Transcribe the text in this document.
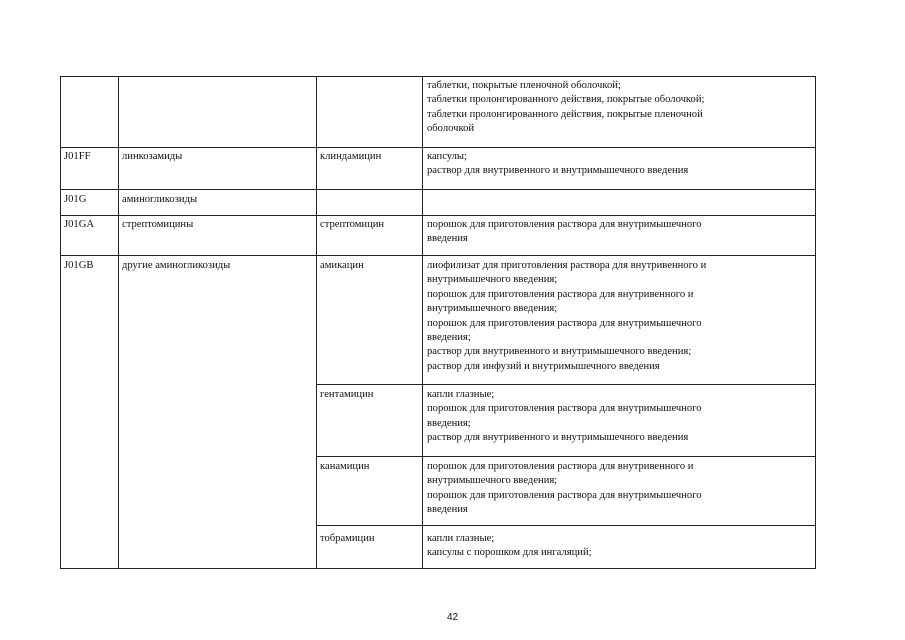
таблетки, покрытые пленочной оболочкой;
таблетки пролонгированного действия, покрытые оболочкой;
таблетки пролонгированного действия, покрытые пленочной
оболочкой
J01FF	линкозамиды	клиндамицин	капсулы;
раствор для внутривенного и внутримышечного введения
J01G	аминогликозиды
J01GA	стрептомицины	стрептомицин	порошок для приготовления раствора для внутримышечного
введения
J01GB	другие аминогликозиды	амикацин	лиофилизат для приготовления раствора для внутривенного и
внутримышечного введения;
порошок для приготовления раствора для внутривенного и
внутримышечного введения;
порошок для приготовления раствора для внутримышечного
введения;
раствор для внутривенного и внутримышечного введения;
раствор для инфузий и внутримышечного введения
гентамицин	капли глазные;
порошок для приготовления раствора для внутримышечного
введения;
раствор для внутривенного и внутримышечного введения
канамицин	порошок для приготовления раствора для внутривенного и
внутримышечного введения;
порошок для приготовления раствора для внутримышечного
введения
тобрамицин	капли глазные;
капсулы с порошком для ингаляций;
42
